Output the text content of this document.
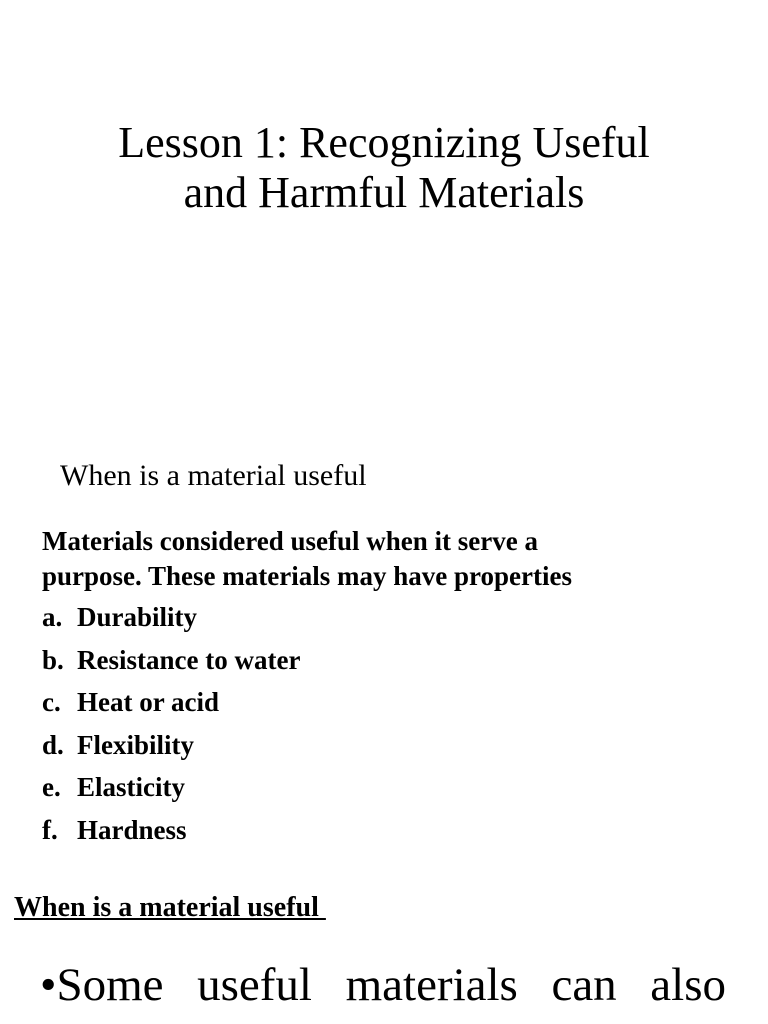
Lesson 1: Recognizing Useful
and Harmful Materials

When is a material useful

Materials considered useful when it serve a
purpose. These materials may have properties

a. Durability
b. Resistance to water
c. Heat or acid
d. Flexibility
e. Elasticity
f. Hardness

When is a material useful

•Some useful materials can also
